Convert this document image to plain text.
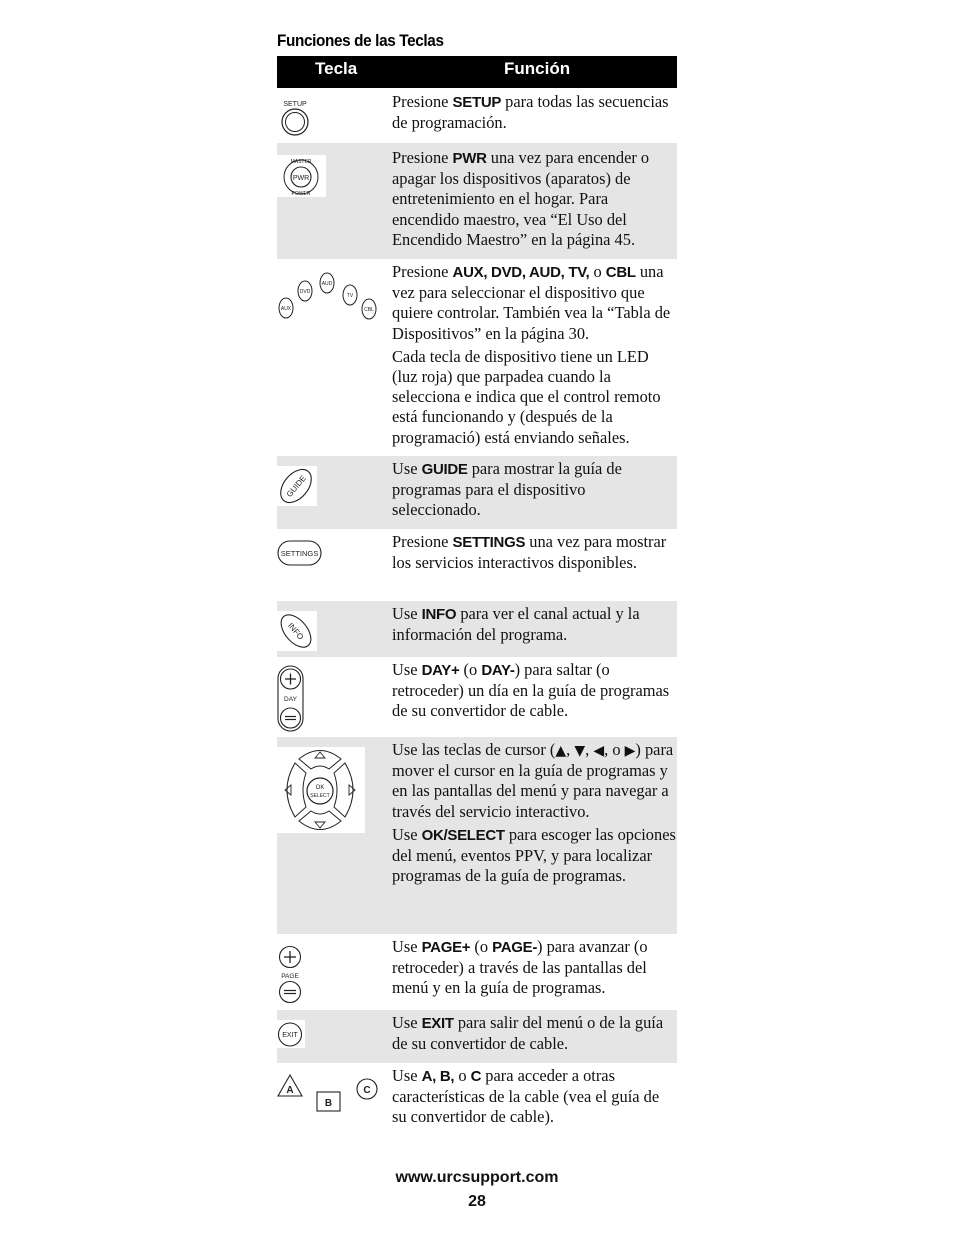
Funciones de las Teclas
Tecla	Función
SETUP	Presione SETUP para todas las secuencias de programación.

PWR
MASTER
POWER

Presione PWR una vez para encender o apagar los dispositivos (aparatos) de entretenimiento en el hogar. Para encendido maestro, vea “El Uso del Encendido Maestro” en la página 45.

AUX
DVD
AUD
TV
CBL

Presione AUX, DVD, AUD, TV, o CBL una vez para seleccionar el dispositivo que quiere controlar. También vea la “Tabla de Dispositivos” en la página 30.

Cada tecla de dispositivo tiene un LED (luz roja) que parpadea cuando la selecciona e indica que el control remoto está funcionando y (después de la programació) está enviando señales.

GUIDE

Use GUIDE para mostrar la guía de programas para el dispositivo seleccionado.

SETTINGS

Presione SETTINGS una vez para mostrar los servicios interactivos disponibles.

INFO

Use INFO para ver el canal actual y la información del programa.

DAY

Use DAY+ (o DAY-) para saltar (o retroceder) un día en la guía de programas de su convertidor de cable.

OK
SELECT

Use las teclas de cursor (▲, ▼, ◀, o ▶) para mover el cursor en la guía de programas y en las pantallas del menú y para navegar a través del servicio interactivo.

Use OK/SELECT para escoger las opciones del menú, eventos PPV, y para localizar programas de la guía de programas.

PAGE

Use PAGE+ (o PAGE-) para avanzar (o retroceder) a través de las pantallas del menú y en la guía de programas.

EXIT

Use EXIT para salir del menú o de la guía de su convertidor de cable.

A
B
C

Use A, B, o C para acceder a otras características de la cable (vea el guía de su convertidor de cable).

www.urcsupport.com
28
